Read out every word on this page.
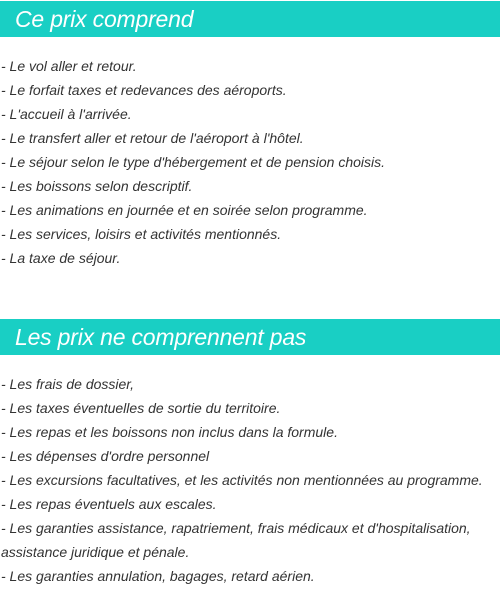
Ce prix comprend
- Le vol aller et retour.
- Le forfait taxes et redevances des aéroports.
- L'accueil à l'arrivée.
- Le transfert aller et retour de l'aéroport à l'hôtel.
- Le séjour selon le type d'hébergement et de pension choisis.
- Les boissons selon descriptif.
- Les animations en journée et en soirée selon programme.
- Les services, loisirs et activités mentionnés.
- La taxe de séjour.
Les prix ne comprennent pas
- Les frais de dossier,
- Les taxes éventuelles de sortie du territoire.
- Les repas et les boissons non inclus dans la formule.
- Les dépenses d'ordre personnel
- Les excursions facultatives, et les activités non mentionnées au programme.
- Les repas éventuels aux escales.
- Les garanties assistance, rapatriement, frais médicaux et d'hospitalisation, assistance juridique et pénale.
- Les garanties annulation, bagages, retard aérien.
